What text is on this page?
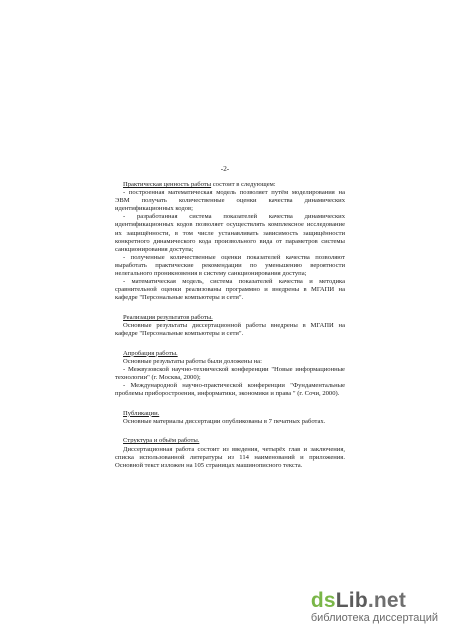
-2-

Практическая ценность работы состоит в следующем:

- построенная математическая модель позволяет путём моделирования на ЭВМ получать количественные оценки качества динамических идентификационных кодов;

- разработанная система показателей качества динамических идентификационных кодов позволяет осуществлять комплексное исследование их защищённости, в том числе устанавливать зависимость защищённости конкретного динамического кода произвольного вида от параметров системы санкционирования доступа;

- полученные количественные оценки показателей качества позволяют выработать практические рекомендации по уменьшению вероятности нелегального проникновения в систему санкционирования доступа;

- математическая модель, система показателей качества и методика сравнительной оценки реализованы программно и внедрены в МГАПИ на кафедре "Персональные компьютеры и сети".

Реализация результатов работы.

Основные результаты диссертационной работы внедрены в МГАПИ на кафедре "Персональные компьютеры и сети".

Апробация работы.

Основные результаты работы были доложены на:

- Межвузовской научно-технической конференции "Новые информационные технологии" (г. Москва, 2000);

- Международной научно-практической конференции "Фундаментальные проблемы приборостроения, информатики, экономики и права " (г. Сочи, 2000).

Публикации.

Основные материалы диссертации опубликованы в 7 печатных работах.

Структура и объём работы.

Диссертационная работа состоит из введения, четырёх глав и заключения, списка использованной литературы из 114 наименований и приложения. Основной текст изложен на 105 страницах машинописного текста.

dsLib.net
библиотека диссертаций
